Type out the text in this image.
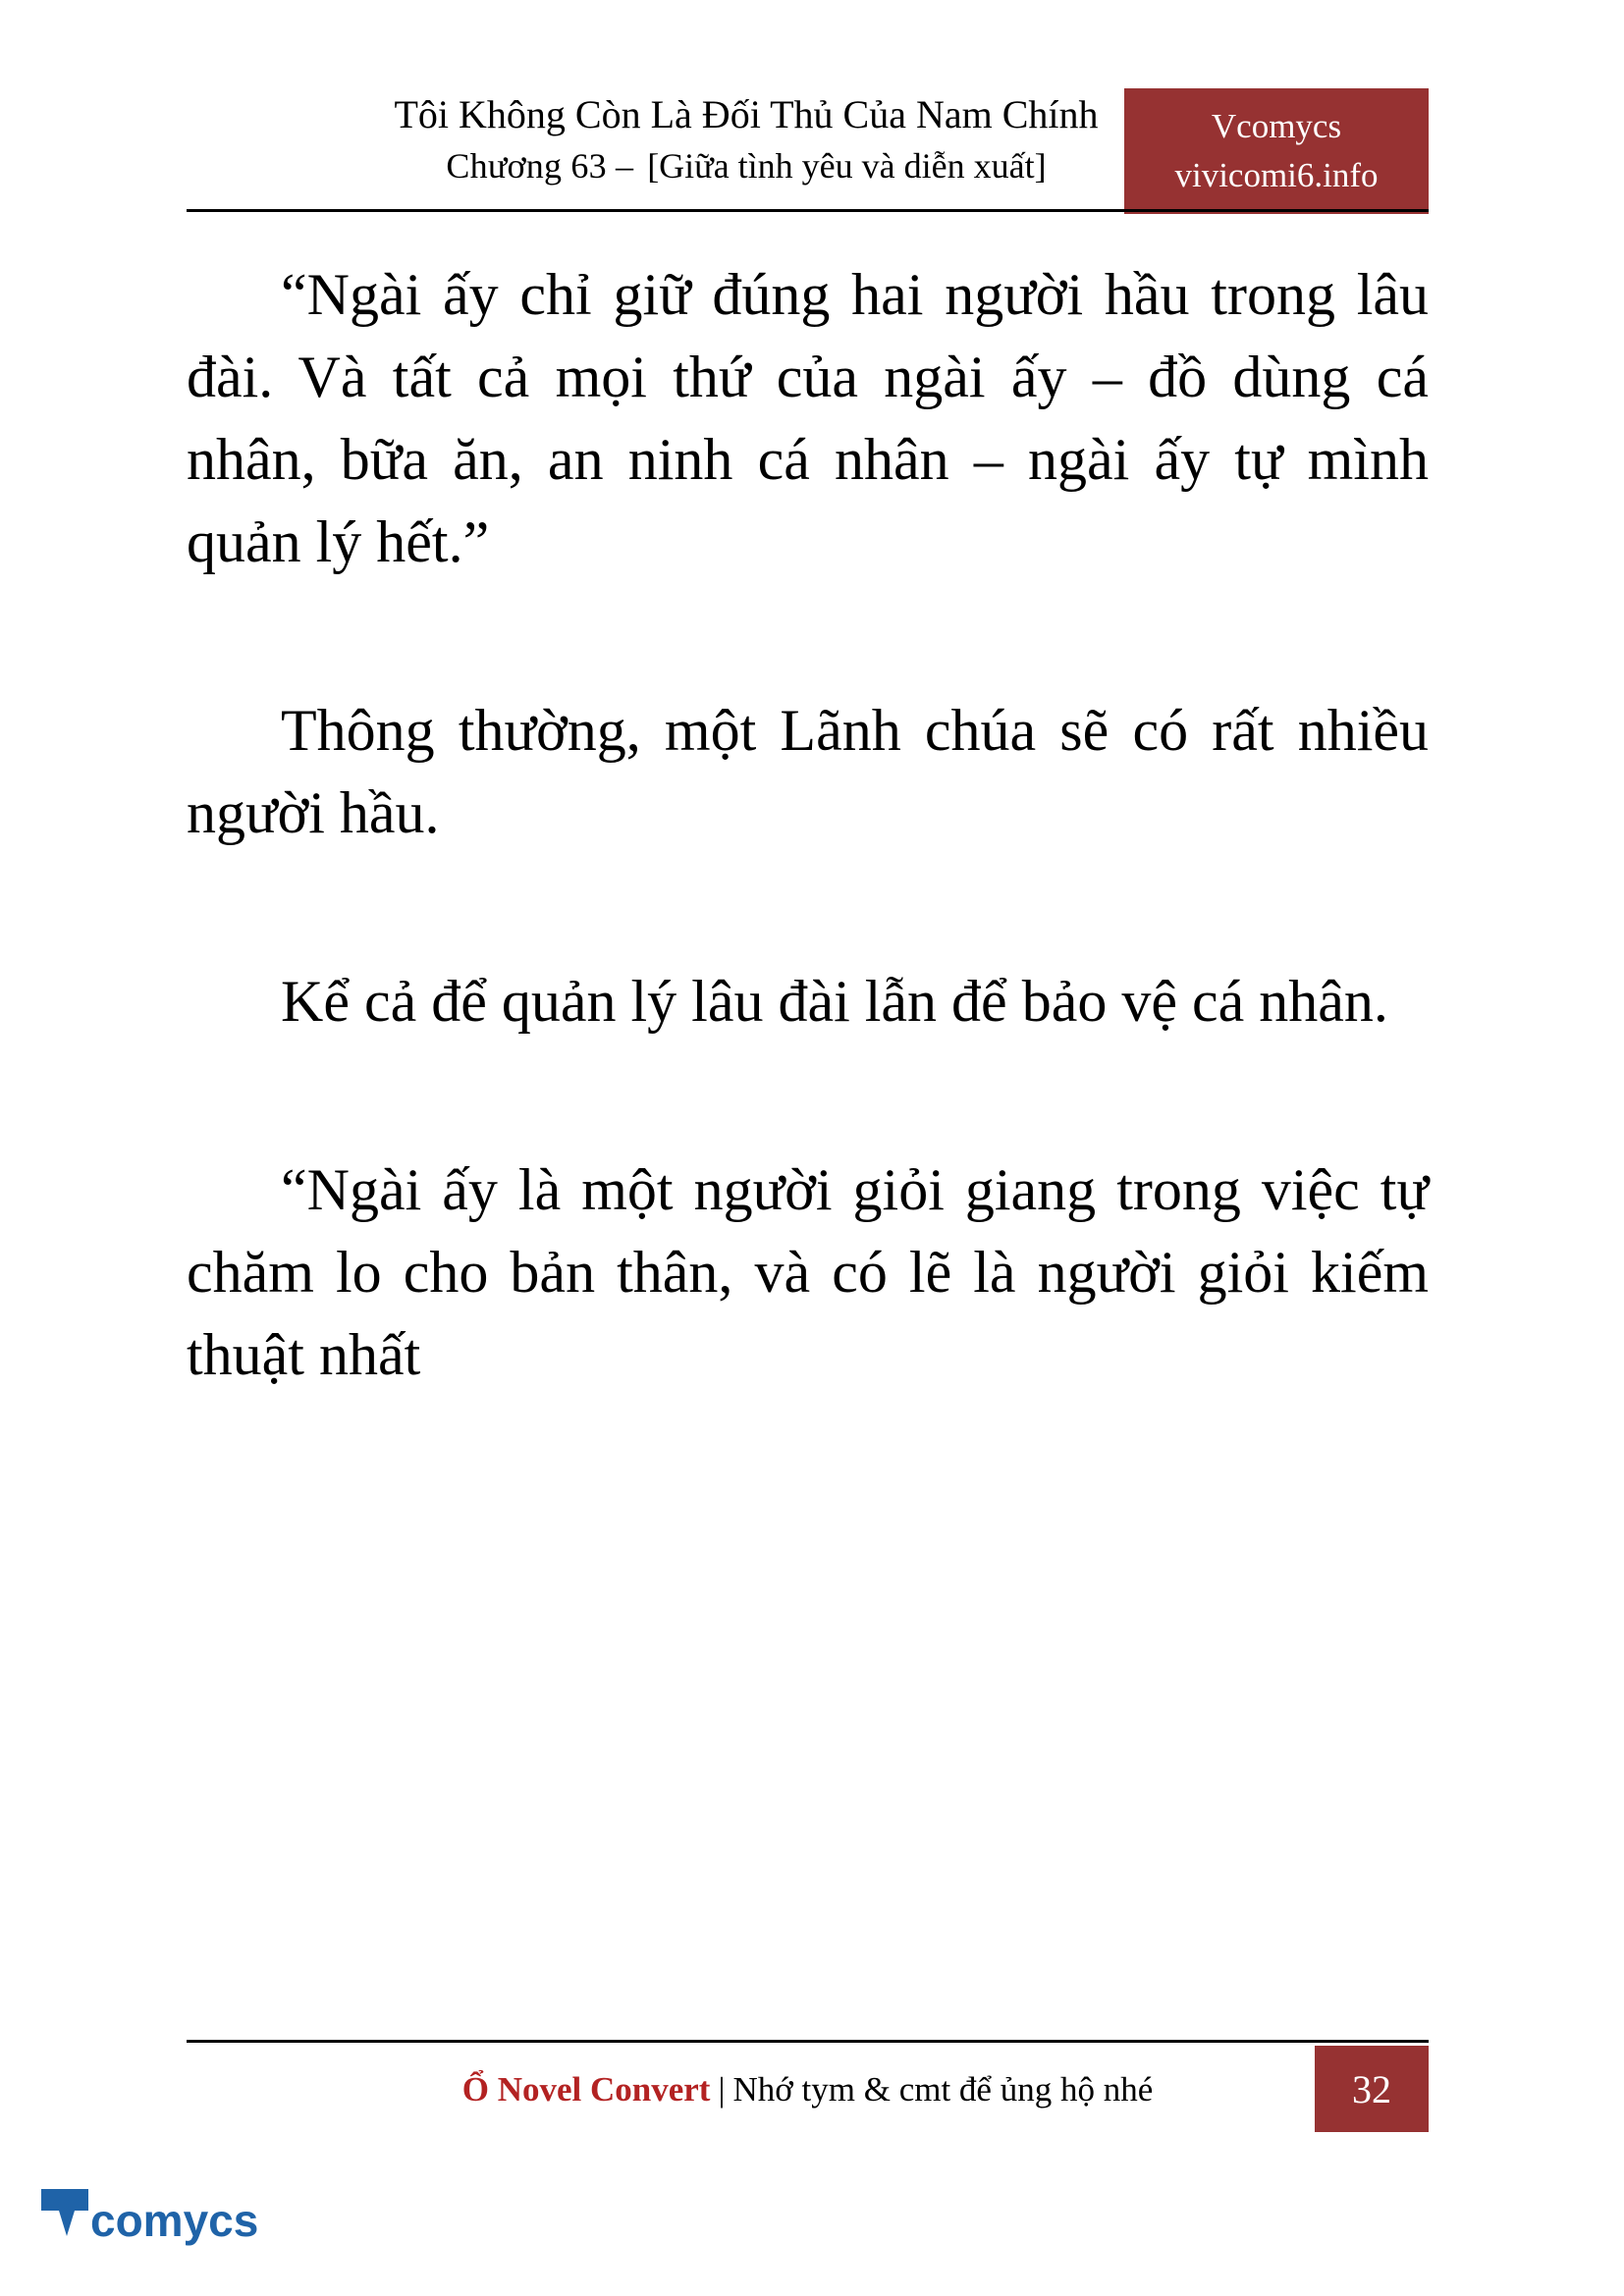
Tôi Không Còn Là Đối Thủ Của Nam Chính
Chương 63 – [Giữa tình yêu và diễn xuất]
Vcomycs
vivicomi6.info

“Ngài ấy chỉ giữ đúng hai người hầu trong lâu đài. Và tất cả mọi thứ của ngài ấy – đồ dùng cá nhân, bữa ăn, an ninh cá nhân – ngài ấy tự mình quản lý hết.”

Thông thường, một Lãnh chúa sẽ có rất nhiều người hầu.

Kể cả để quản lý lâu đài lẫn để bảo vệ cá nhân.

“Ngài ấy là một người giỏi giang trong việc tự chăm lo cho bản thân, và có lẽ là người giỏi kiếm thuật nhất

Ổ Novel Convert | Nhớ tym & cmt để ủng hộ nhé	32
comycs
